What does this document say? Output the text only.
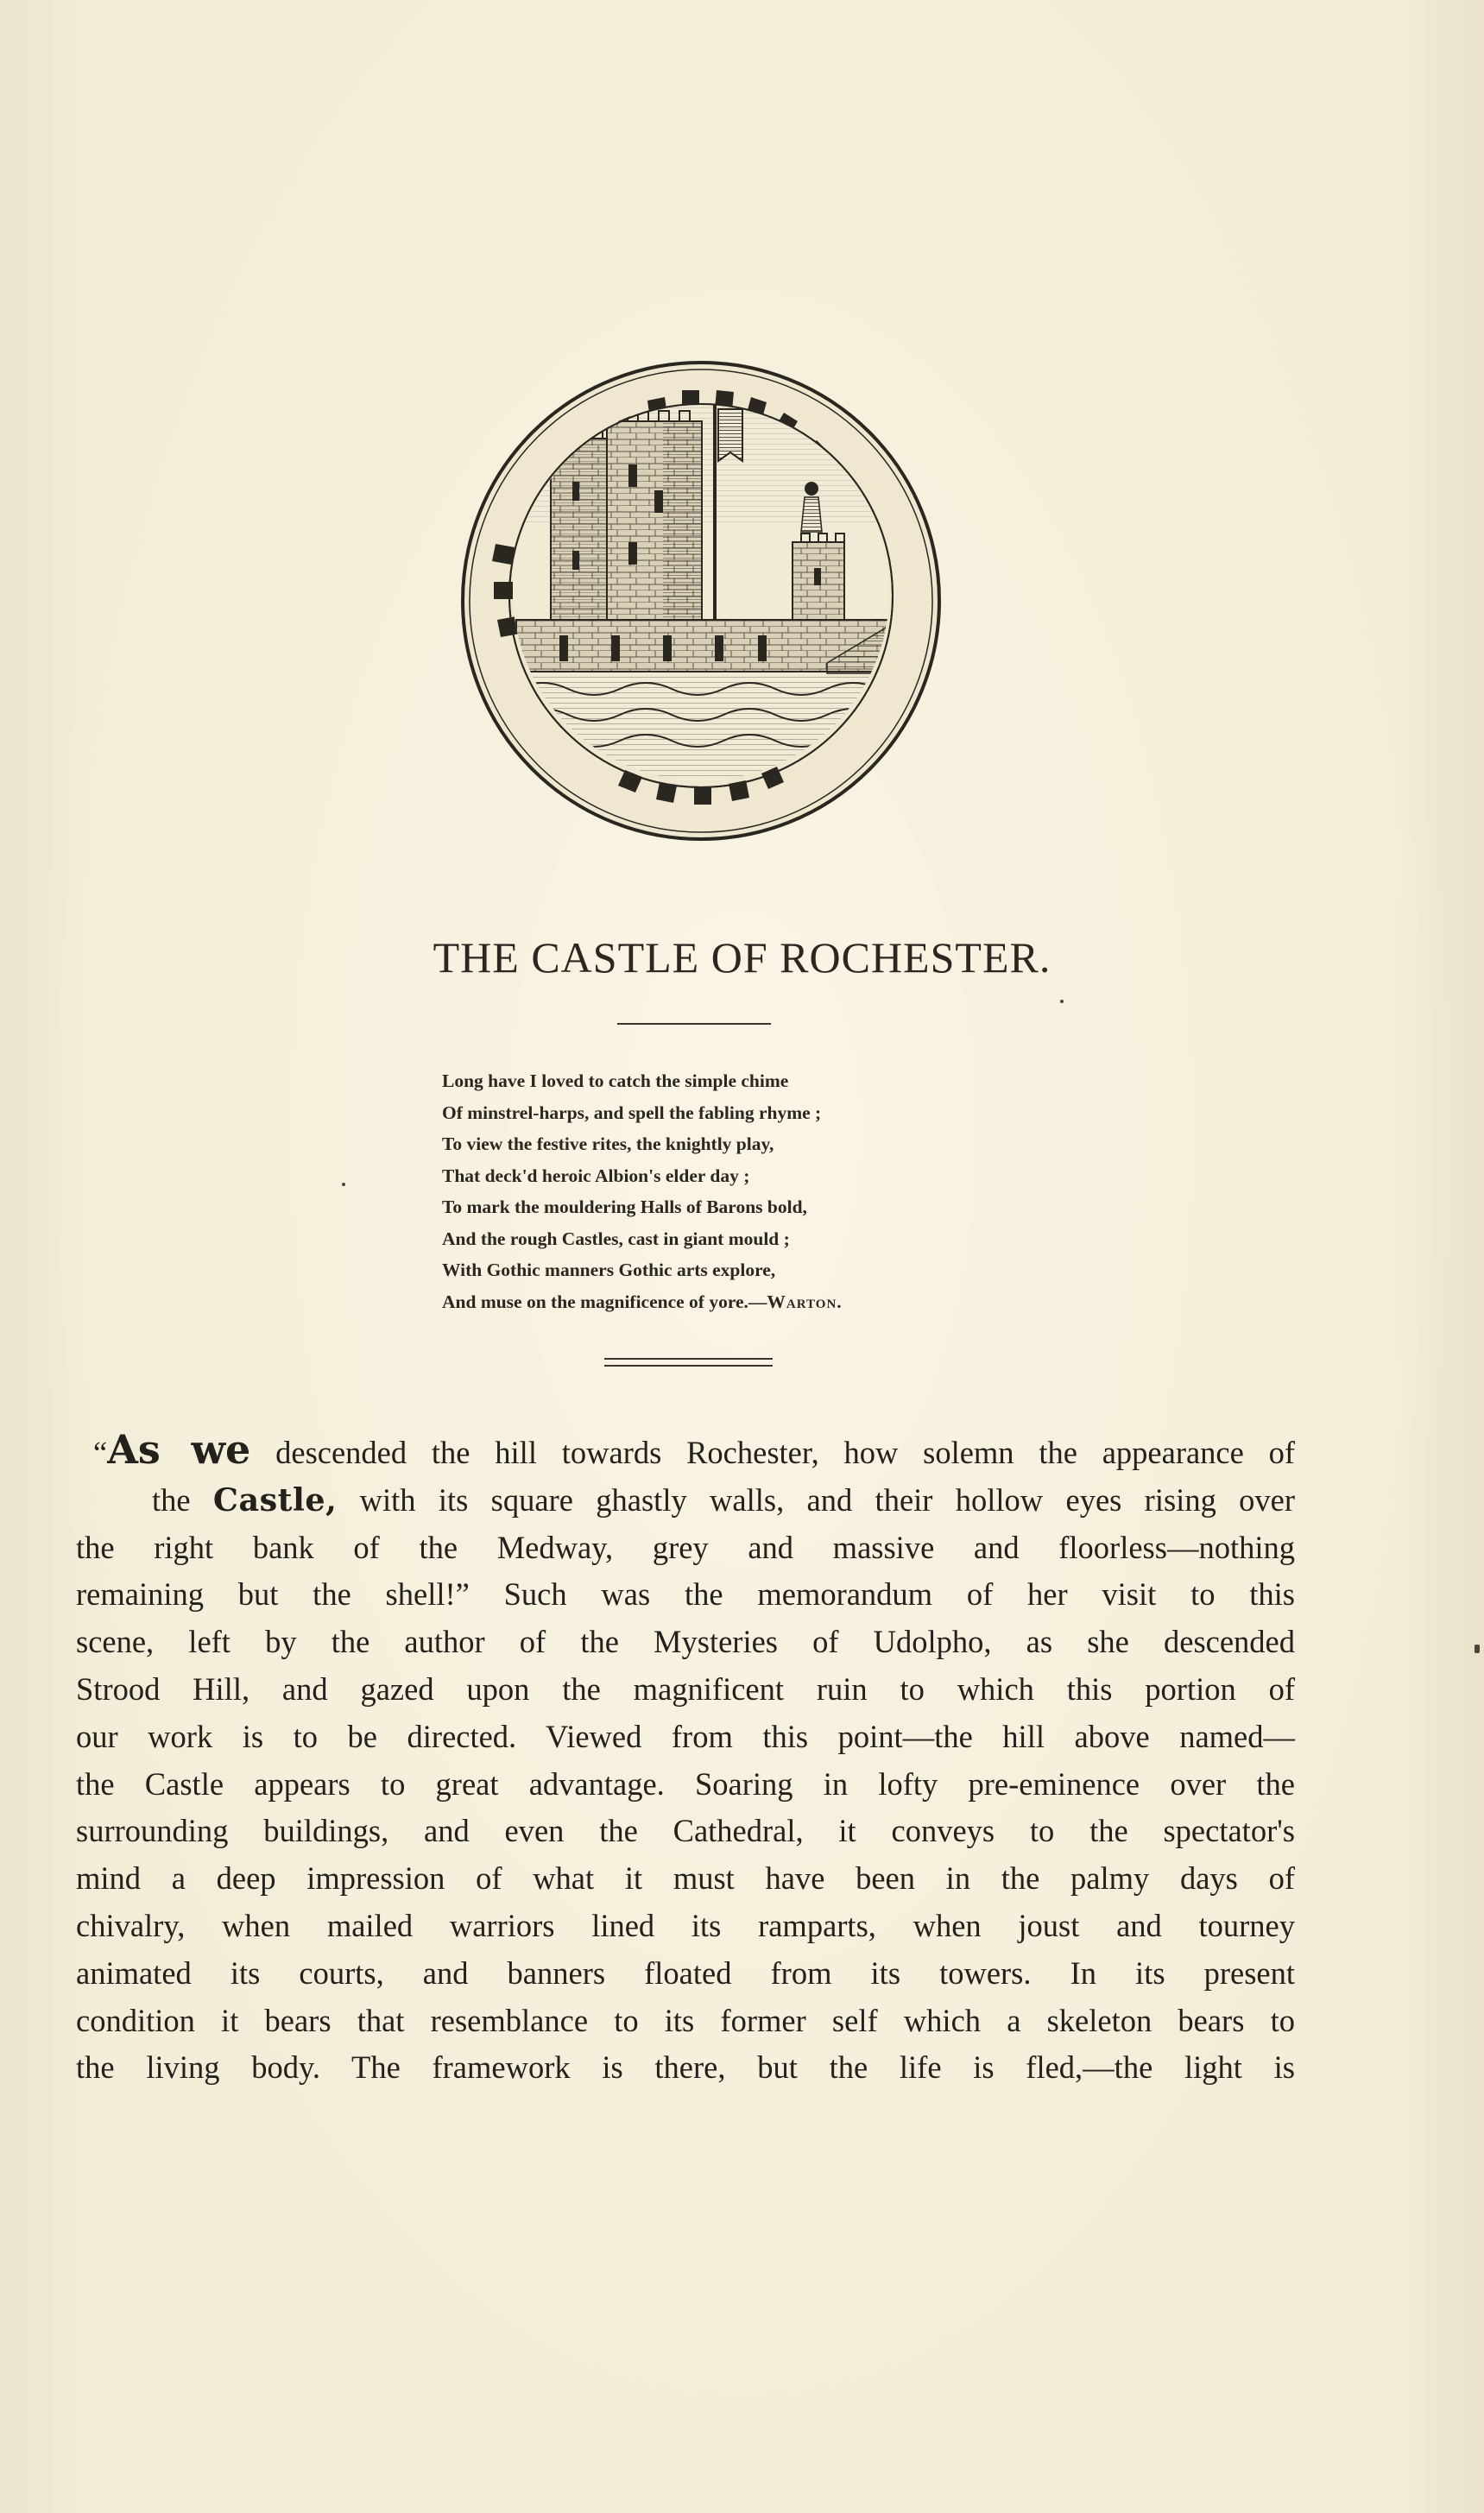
THE CASTLE OF ROCHESTER.
Long have I loved to catch the simple chime
Of minstrel-harps, and spell the fabling rhyme ;
To view the festive rites, the knightly play,
That deck'd heroic Albion's elder day ;
To mark the mouldering Halls of Barons bold,
And the rough Castles, cast in giant mould ;
With Gothic manners Gothic arts explore,
And muse on the magnificence of yore.—Warton.
“As we descended the hill towards Rochester, how solemn the appearance of
the Castle, with its square ghastly walls, and their hollow eyes rising over
the right bank of the Medway, grey and massive and floorless—nothing
remaining but the shell!” Such was the memorandum of her visit to this
scene, left by the author of the Mysteries of Udolpho, as she descended
Strood Hill, and gazed upon the magnificent ruin to which this portion of
our work is to be directed. Viewed from this point—the hill above named—
the Castle appears to great advantage. Soaring in lofty pre-eminence over the
surrounding buildings, and even the Cathedral, it conveys to the spectator's
mind a deep impression of what it must have been in the palmy days of
chivalry, when mailed warriors lined its ramparts, when joust and tourney
animated its courts, and banners floated from its towers. In its present
condition it bears that resemblance to its former self which a skeleton bears to
the living body. The framework is there, but the life is fled,—the light is
